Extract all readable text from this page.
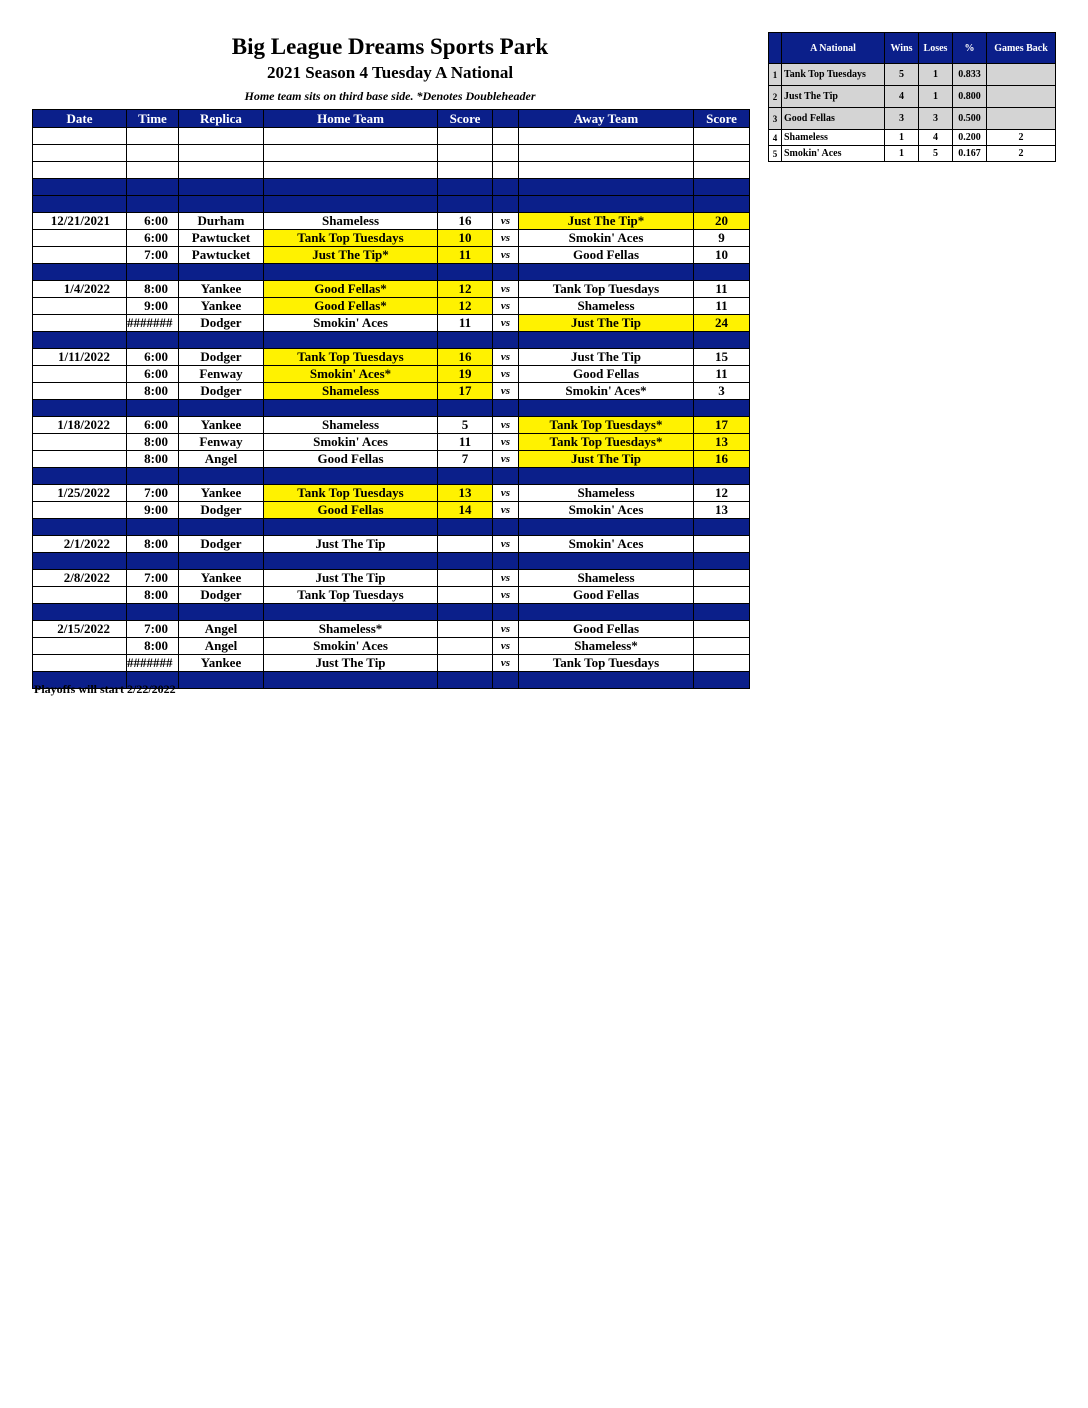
Big League Dreams Sports Park
2021 Season 4 Tuesday A National
Home team sits on third base side. *Denotes Doubleheader
Date	Time	Replica	Home Team	Score		Away Team	Score

12/21/2021	6:00	Durham	Shameless	16	vs	Just The Tip*	20
	6:00	Pawtucket	Tank Top Tuesdays	10	vs	Smokin' Aces	9
	7:00	Pawtucket	Just The Tip*	11	vs	Good Fellas	10

1/4/2022	8:00	Yankee	Good Fellas*	12	vs	Tank Top Tuesdays	11
	9:00	Yankee	Good Fellas*	12	vs	Shameless	11
	#######	Dodger	Smokin' Aces	11	vs	Just The Tip	24

1/11/2022	6:00	Dodger	Tank Top Tuesdays	16	vs	Just The Tip	15
	6:00	Fenway	Smokin' Aces*	19	vs	Good Fellas	11
	8:00	Dodger	Shameless	17	vs	Smokin' Aces*	3

1/18/2022	6:00	Yankee	Shameless	5	vs	Tank Top Tuesdays*	17
	8:00	Fenway	Smokin' Aces	11	vs	Tank Top Tuesdays*	13
	8:00	Angel	Good Fellas	7	vs	Just The Tip	16

1/25/2022	7:00	Yankee	Tank Top Tuesdays	13	vs	Shameless	12
	9:00	Dodger	Good Fellas	14	vs	Smokin' Aces	13

2/1/2022	8:00	Dodger	Just The Tip		vs	Smokin' Aces	

2/8/2022	7:00	Yankee	Just The Tip		vs	Shameless	
	8:00	Dodger	Tank Top Tuesdays		vs	Good Fellas	

2/15/2022	7:00	Angel	Shameless*		vs	Good Fellas	
	8:00	Angel	Smokin' Aces		vs	Shameless*	
	#######	Yankee	Just The Tip		vs	Tank Top Tuesdays	

Playoffs will start 2/22/2022
	A National	Wins	Loses	%	Games Back
1	Tank Top Tuesdays	5	1	0.833	
2	Just The Tip	4	1	0.800	
3	Good Fellas	3	3	0.500	
4	Shameless	1	4	0.200	2
5	Smokin' Aces	1	5	0.167	2
